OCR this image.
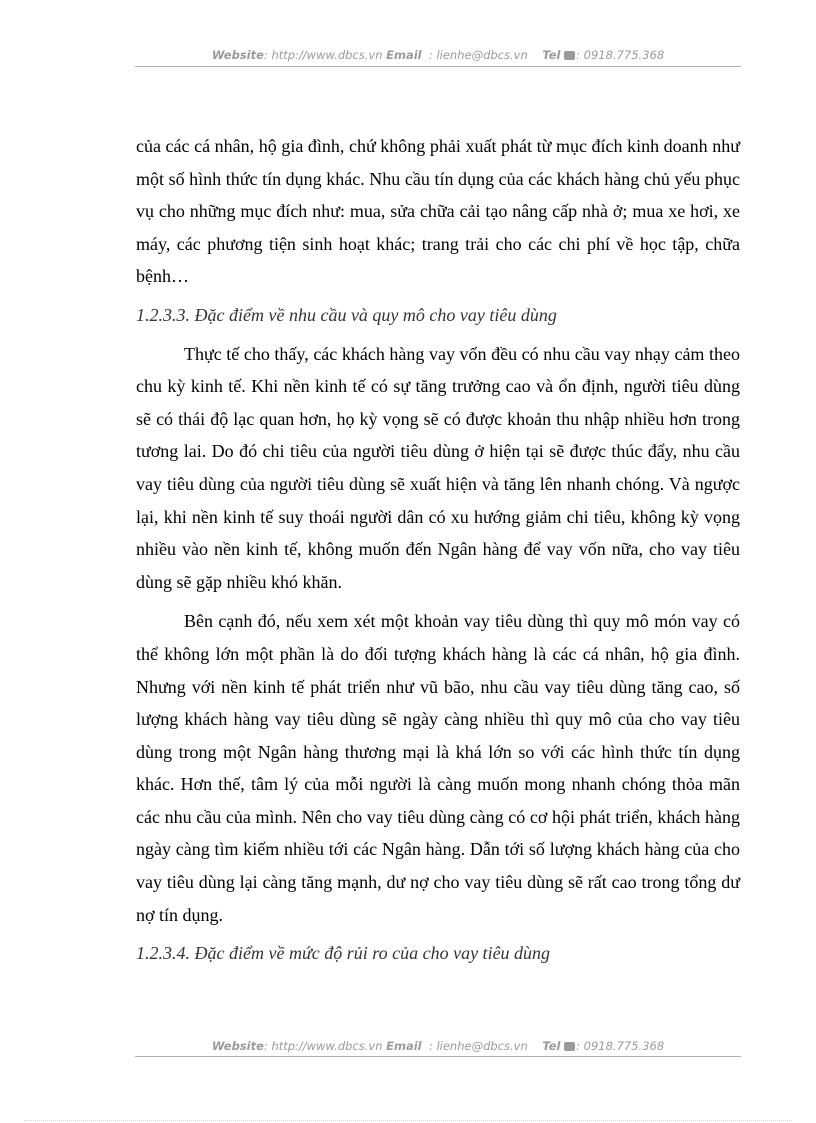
Website: http://www.dbcs.vn Email : lienhe@dbcs.vn Tel : 0918.775.368

của các cá nhân, hộ gia đình, chứ không phải xuất phát từ mục đích kinh doanh như một số hình thức tín dụng khác. Nhu cầu tín dụng của các khách hàng chủ yếu phục vụ cho những mục đích như: mua, sửa chữa cải tạo nâng cấp nhà ở; mua xe hơi, xe máy, các phương tiện sinh hoạt khác; trang trải cho các chi phí về học tập, chữa bệnh…

1.2.3.3. Đặc điểm về nhu cầu và quy mô cho vay tiêu dùng

Thực tế cho thấy, các khách hàng vay vốn đều có nhu cầu vay nhạy cảm theo chu kỳ kinh tế. Khi nền kinh tế có sự tăng trưởng cao và ổn định, người tiêu dùng sẽ có thái độ lạc quan hơn, họ kỳ vọng sẽ có được khoản thu nhập nhiều hơn trong tương lai. Do đó chi tiêu của người tiêu dùng ở hiện tại sẽ được thúc đẩy, nhu cầu vay tiêu dùng của người tiêu dùng sẽ xuất hiện và tăng lên nhanh chóng. Và ngược lại, khi nền kinh tế suy thoái người dân có xu hướng giảm chi tiêu, không kỳ vọng nhiều vào nền kinh tế, không muốn đến Ngân hàng để vay vốn nữa, cho vay tiêu dùng sẽ gặp nhiều khó khăn.

Bên cạnh đó, nếu xem xét một khoản vay tiêu dùng thì quy mô món vay có thể không lớn một phần là do đối tượng khách hàng là các cá nhân, hộ gia đình. Nhưng với nền kinh tế phát triển như vũ bão, nhu cầu vay tiêu dùng tăng cao, số lượng khách hàng vay tiêu dùng sẽ ngày càng nhiều thì quy mô của cho vay tiêu dùng trong một Ngân hàng thương mại là khá lớn so với các hình thức tín dụng khác. Hơn thế, tâm lý của mỗi người là càng muốn mong nhanh chóng thỏa mãn các nhu cầu của mình. Nên cho vay tiêu dùng càng có cơ hội phát triển, khách hàng ngày càng tìm kiếm nhiều tới các Ngân hàng. Dẫn tới số lượng khách hàng của cho vay tiêu dùng lại càng tăng mạnh, dư nợ cho vay tiêu dùng sẽ rất cao trong tổng dư nợ tín dụng.

1.2.3.4. Đặc điểm về mức độ rủi ro của cho vay tiêu dùng

Website: http://www.dbcs.vn Email : lienhe@dbcs.vn Tel : 0918.775.368
